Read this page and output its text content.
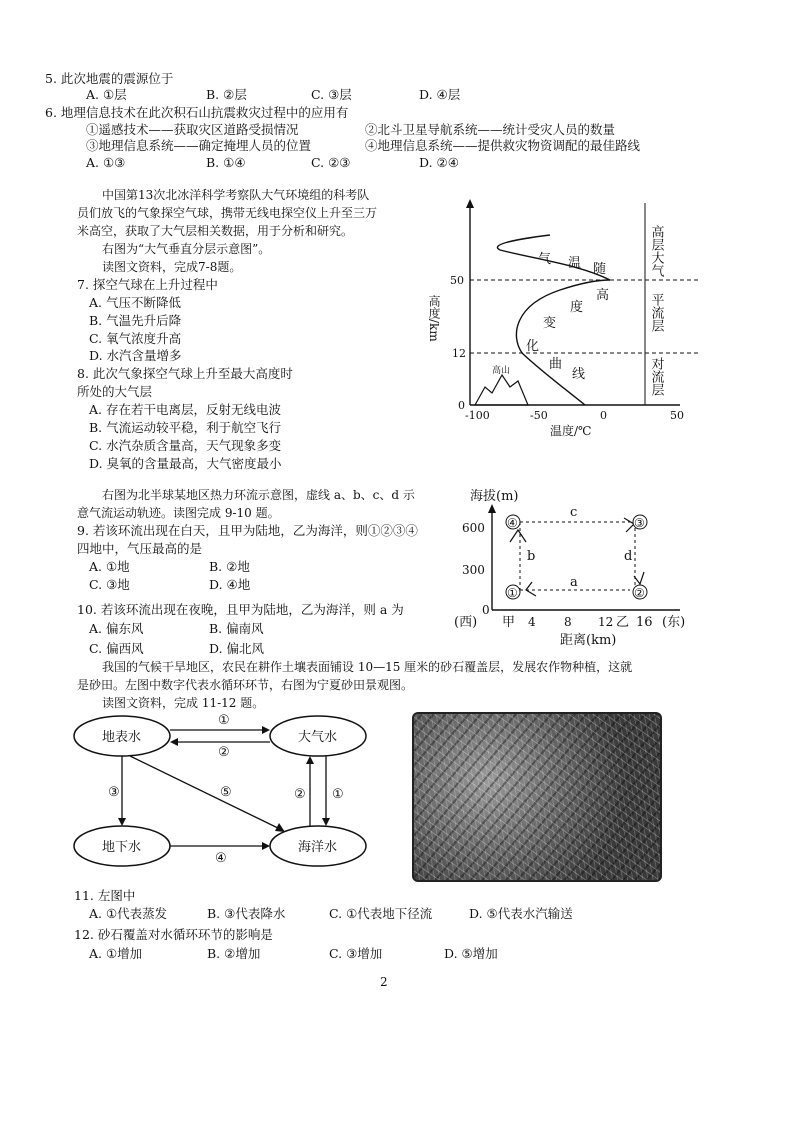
5. 此次地震的震源位于
A. ①层	B. ②层	C. ③层	D. ④层
6. 地理信息技术在此次积石山抗震救灾过程中的应用有
①遥感技术——获取灾区道路受损情况	②北斗卫星导航系统——统计受灾人员的数量
③地理信息系统——确定掩埋人员的位置	④地理信息系统——提供救灾物资调配的最佳路线
A. ①③	B. ①④	C. ②③	D. ②④
中国第13次北冰洋科学考察队大气环境组的科考队
员们放飞的气象探空气球，携带无线电探空仪上升至三万
米高空，获取了大气层相关数据，用于分析和研究。
右图为“大气垂直分层示意图”。
读图文资料，完成7-8题。
7. 探空气球在上升过程中
A. 气压不断降低
B. 气温先升后降
C. 氧气浓度升高
D. 水汽含量增多
8. 此次气象探空气球上升至最大高度时
所处的大气层
A. 存在若干电离层，反射无线电波
B. 气流运动较平稳，利于航空飞行
C. 水汽杂质含量高，天气现象多变
D. 臭氧的含量最高，大气密度最小
高山
气 温 随
高
度
变
化
曲
线
高层大气
平流层
对流层
50
12
0
高度/km
-100	-50	0	50
温度/℃
右图为北半球某地区热力环流示意图，虚线 a、b、c、d 示
意气流运动轨迹。读图完成 9-10 题。
9. 若该环流出现在白天，且甲为陆地，乙为海洋，则①②③④
四地中，气压最高的是
A. ①地	B. ②地
C. ③地	D. ④地
10. 若该环流出现在夜晚，且甲为陆地，乙为海洋，则 a 为
A. 偏东风	B. 偏南风
C. 偏西风	D. 偏北风
海拔(m)
600
300
0
④	③
①	②
c
b	d
a
(西) 甲 4 8 12 乙 16 (东)
距离(km)
我国的气候干旱地区，农民在耕作土壤表面铺设 10—15 厘米的砂石覆盖层，发展农作物种植，这就
是砂田。左图中数字代表水循环环节，右图为宁夏砂田景观图。
读图文资料，完成 11-12 题。
地表水	大气水
地下水	海洋水
①
②
③	⑤	② ①
④
11. 左图中
A. ①代表蒸发	B. ③代表降水	C. ①代表地下径流	D. ⑤代表水汽输送
12. 砂石覆盖对水循环环节的影响是
A. ①增加	B. ②增加	C. ③增加	D. ⑤增加
2
